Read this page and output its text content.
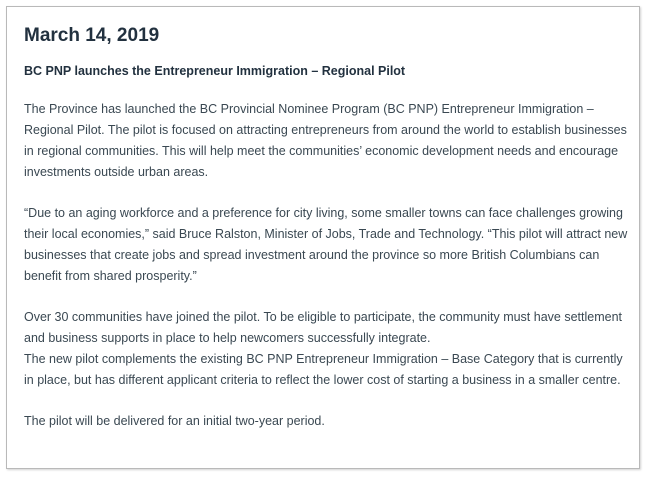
March 14, 2019
BC PNP launches the Entrepreneur Immigration – Regional Pilot

The Province has launched the BC Provincial Nominee Program (BC PNP) Entrepreneur Immigration – Regional Pilot. The pilot is focused on attracting entrepreneurs from around the world to establish businesses in regional communities. This will help meet the communities’ economic development needs and encourage investments outside urban areas.

“Due to an aging workforce and a preference for city living, some smaller towns can face challenges growing their local economies,” said Bruce Ralston, Minister of Jobs, Trade and Technology. “This pilot will attract new businesses that create jobs and spread investment around the province so more British Columbians can benefit from shared prosperity.”

Over 30 communities have joined the pilot. To be eligible to participate, the community must have settlement and business supports in place to help newcomers successfully integrate.

The new pilot complements the existing BC PNP Entrepreneur Immigration – Base Category that is currently in place, but has different applicant criteria to reflect the lower cost of starting a business in a smaller centre.

The pilot will be delivered for an initial two-year period.
